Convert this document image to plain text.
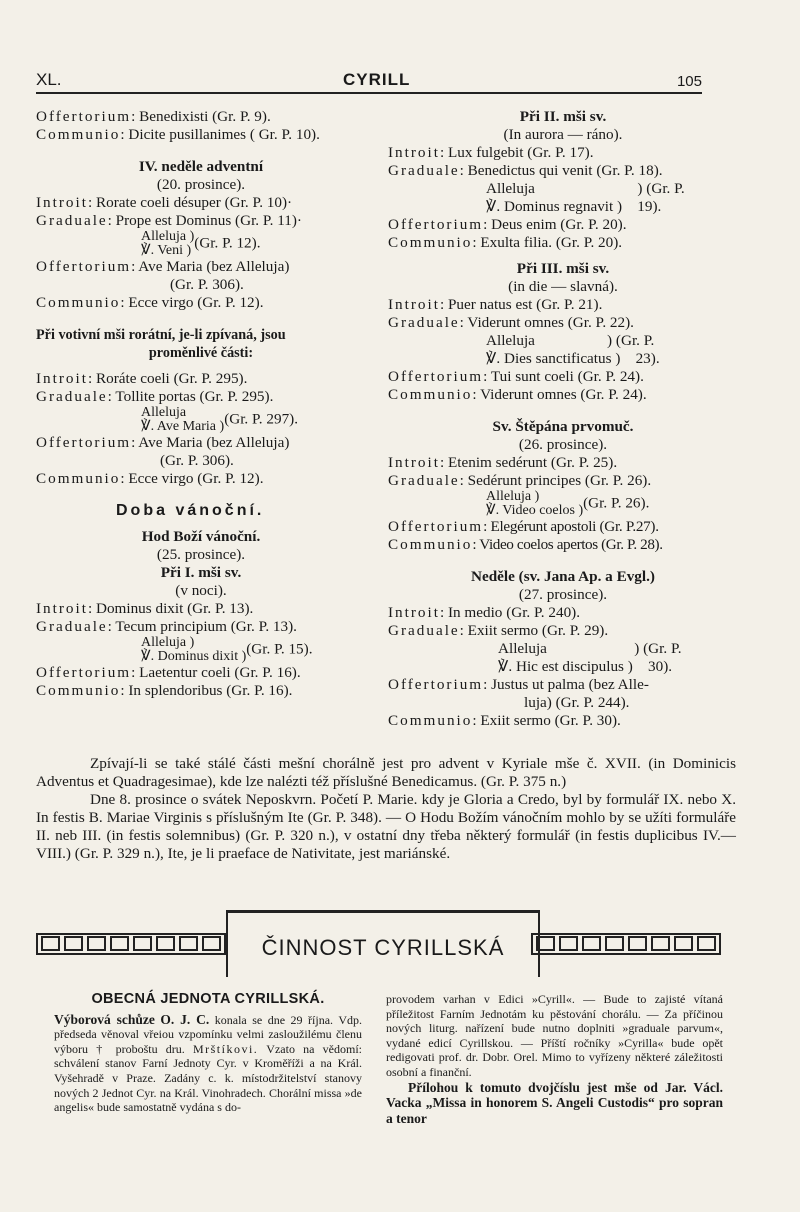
XL.	CYRILL	105
Offertorium: Benedixisti (Gr. P. 9).
Communio: Dicite pusillanimes ( Gr. P. 10).
IV. neděle adventní
(20. prosince).
Introit: Rorate coeli désuper (Gr. P. 10)·
Graduale: Prope est Dominus (Gr. P. 11)·
Alleluja )
℣. Veni ) (Gr. P. 12).
Offertorium: Ave Maria (bez Alleluja)
(Gr. P. 306).
Communio: Ecce virgo (Gr. P. 12).
Při votivní mši rorátní, je-li zpívaná, jsou
proměnlivé části:
Introit: Roráte coeli (Gr. P. 295).
Graduale: Tollite portas (Gr. P. 295).
Alleluja
℣. Ave Maria ) (Gr. P. 297).
Offertorium: Ave Maria (bez Alleluja)
(Gr. P. 306).
Communio: Ecce virgo (Gr. P. 12).
Doba vánoční.
Hod Boží vánoční.
(25. prosince).
Při I. mši sv.
(v noci).
Introit: Dominus dixit (Gr. P. 13).
Graduale: Tecum principium (Gr. P. 13).
Alleluja )
℣. Dominus dixit ) (Gr. P. 15).
Offertorium: Laetentur coeli (Gr. P. 16).
Communio: In splendoribus (Gr. P. 16).
Při II. mši sv.
(In aurora — ráno).
Introit: Lux fulgebit (Gr. P. 17).
Graduale: Benedictus qui venit (Gr. P. 18).
Alleluja                           ) (Gr. P.
℣. Dominus regnavit )    19).
Offertorium: Deus enim (Gr. P. 20).
Communio: Exulta filia. (Gr. P. 20).
Při III. mši sv.
(in die — slavná).
Introit: Puer natus est (Gr. P. 21).
Graduale: Viderunt omnes (Gr. P. 22).
Alleluja                   ) (Gr. P.
℣. Dies sanctificatus )    23).
Offertorium: Tui sunt coeli (Gr. P. 24).
Communio: Viderunt omnes (Gr. P. 24).
Sv. Štěpána prvomuč.
(26. prosince).
Introit: Etenim sedérunt (Gr. P. 25).
Graduale: Sedérunt principes (Gr. P. 26).
Alleluja )
℣. Video coelos ) (Gr. P. 26).
Offertorium: Elegérunt apostoli (Gr. P.27).
Communio: Video coelos apertos (Gr. P. 28).
Neděle (sv. Jana Ap. a Evgl.)
(27. prosince).
Introit: In medio (Gr. P. 240).
Graduale: Exiit sermo (Gr. P. 29).
Alleluja                       ) (Gr. P.
℣. Hic est discipulus )    30).
Offertorium: Justus ut palma (bez Alle-
luja) (Gr. P. 244).
Communio: Exiit sermo (Gr. P. 30).

Zpívají-li se také stálé části mešní chorálně jest pro advent v Kyriale mše č. XVII. (in Dominicis Adventus et Quadragesimae), kde lze nalézti též příslušné Benedicamus. (Gr. P. 375 n.)

Dne 8. prosince o svátek Neposkvrn. Početí P. Marie. kdy je Gloria a Credo, byl by formulář IX. nebo X. In festis B. Mariae Virginis s příslušným Ite (Gr. P. 348). — O Hodu Božím vánočním mohlo by se užíti formuláře II. neb III. (in festis solemnibus) (Gr. P. 320 n.), v ostatní dny třeba některý formulář (in festis duplicibus IV.—VIII.) (Gr. P. 329 n.), Ite, je li praeface de Nativitate, jest mariánské.

ČINNOST CYRILLSKÁ
OBECNÁ JEDNOTA CYRILLSKÁ.
Výborová schůze O. J. C. konala se dne 29 října. Vdp. předseda věnoval vřeiou vzpomínku velmi zasloužilému členu výboru † proboštu dru. Mrštíkovi. Vzato na vědomí: schválení stanov Farní Jednoty Cyr. v Kroměříži a na Král. Vyšehradě v Praze. Zadány c. k. místodržitelství stanovy nových 2 Jednot Cyr. na Král. Vinohradech. Chorální missa »de angelis« bude samostatně vydána s do-
provodem varhan v Edici »Cyrill«. — Bude to zajisté vítaná příležitost Farním Jednotám ku pěstování chorálu. — Za příčinou nových liturg. nařízení bude nutno doplniti »graduale parvum«, vydané edicí Cyrillskou. — Příští ročníky »Cyrilla« bude opět redigovati prof. dr. Dobr. Orel. Mimo to vyřízeny některé záležitosti osobní a finanční.
Přílohou k tomuto dvojčíslu jest mše od Jar. Václ. Vacka „Missa in honorem S. Angeli Custodis“ pro sopran a tenor
